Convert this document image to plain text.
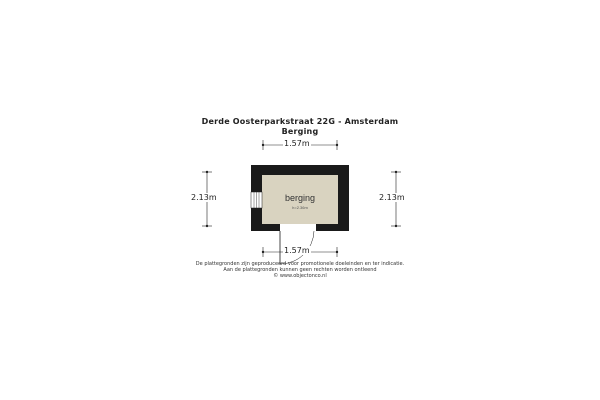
Derde Oosterparkstraat 22G - Amsterdam
Berging
1.57m
1.57m
2.13m	2.13m
berging
h=2.36m
De plattegronden zijn geproduceerd voor promotionele doeleinden en ter indicatie.
Aan de plattegronden kunnen geen rechten worden ontleend
© www.objectonco.nl
